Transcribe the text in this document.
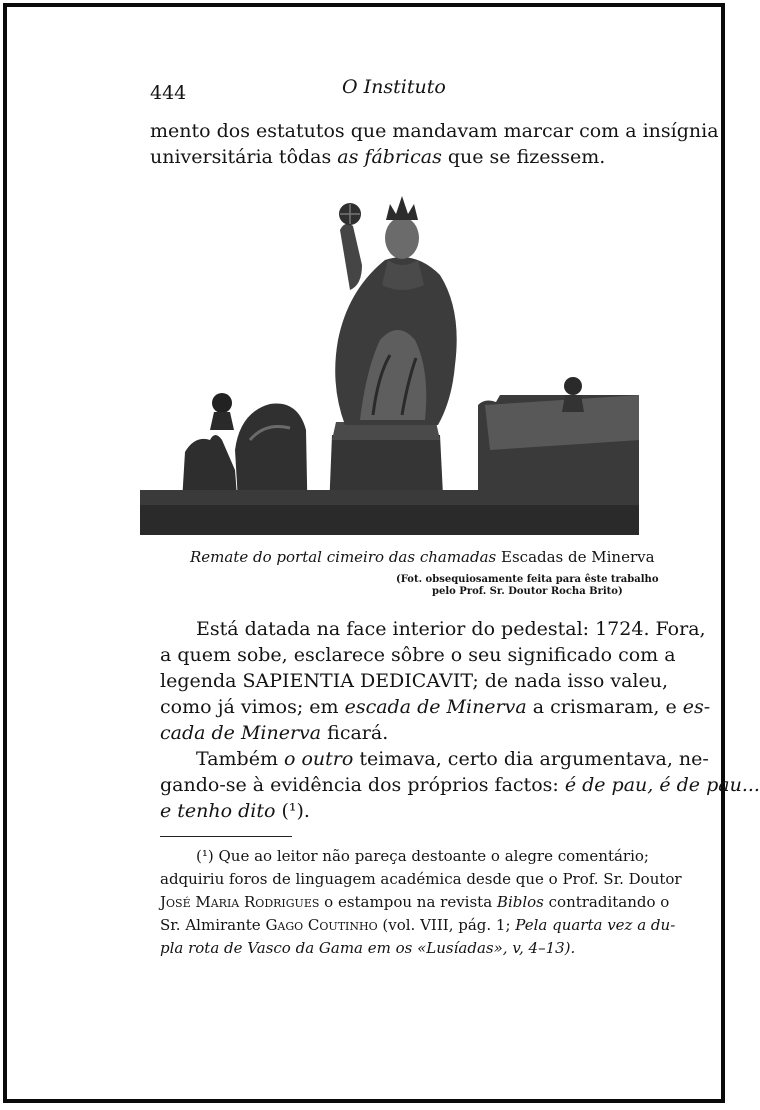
444	O Instituto
mento dos estatutos que mandavam marcar com a insígnia
universitária tôdas as fábricas que se fizessem.
Remate do portal cimeiro das chamadas Escadas de Minerva
(Fot. obsequiosamente feita para êste trabalho
pelo Prof. Sr. Doutor Rocha Brito)
Está datada na face interior do pedestal: 1724. Fora,
a quem sobe, esclarece sôbre o seu significado com a
legenda SAPIENTIA DEDICAVIT; de nada isso valeu,
como já vimos; em escada de Minerva a crismaram, e es-
cada de Minerva ficará.
Também o outro teimava, certo dia argumentava, ne-
gando-se à evidência dos próprios factos: é de pau, é de pau...
e tenho dito (¹).
(¹) Que ao leitor não pareça destoante o alegre comentário;
adquiriu foros de linguagem académica desde que o Prof. Sr. Doutor
José Maria Rodrigues o estampou na revista Biblos contraditando o
Sr. Almirante Gago Coutinho (vol. VIII, pág. 1; Pela quarta vez a du-
pla rota de Vasco da Gama em os «Lusíadas», v, 4–13).
